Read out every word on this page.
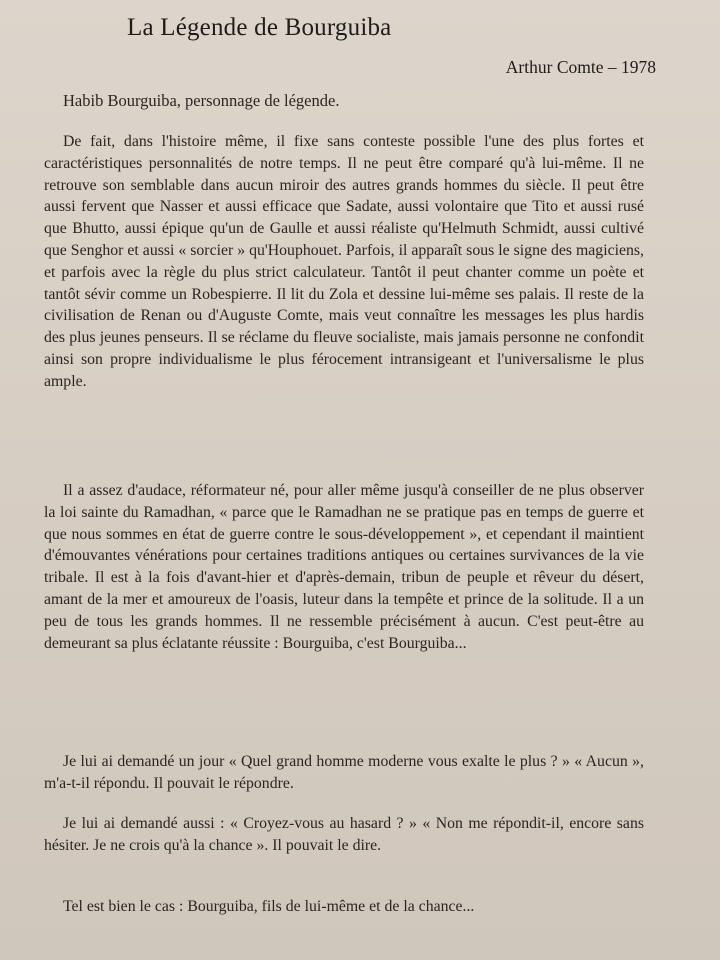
La Légende de Bourguiba
Arthur Comte – 1978
Habib Bourguiba, personnage de légende.

De fait, dans l'histoire même, il fixe sans conteste possible l'une des plus fortes et caractéristiques personnalités de notre temps. Il ne peut être comparé qu'à lui-même. Il ne retrouve son semblable dans aucun miroir des autres grands hommes du siècle. Il peut être aussi fervent que Nasser et aussi efficace que Sadate, aussi volontaire que Tito et aussi rusé que Bhutto, aussi épique qu'un de Gaulle et aussi réaliste qu'Helmuth Schmidt, aussi cultivé que Senghor et aussi « sorcier » qu'Houphouet. Parfois, il apparaît sous le signe des magiciens, et parfois avec la règle du plus strict calculateur. Tantôt il peut chanter comme un poète et tantôt sévir comme un Robespierre. Il lit du Zola et dessine lui-même ses palais. Il reste de la civilisation de Renan ou d'Auguste Comte, mais veut connaître les messages les plus hardis des plus jeunes penseurs. Il se réclame du fleuve socialiste, mais jamais personne ne confondit ainsi son propre individualisme le plus férocement intransigeant et l'universalisme le plus ample.

Il a assez d'audace, réformateur né, pour aller même jusqu'à conseiller de ne plus observer la loi sainte du Ramadhan, « parce que le Ramadhan ne se pratique pas en temps de guerre et que nous sommes en état de guerre contre le sous-développement », et cependant il maintient d'émouvantes vénérations pour certaines traditions antiques ou certaines survivances de la vie tribale. Il est à la fois d'avant-hier et d'après-demain, tribun de peuple et rêveur du désert, amant de la mer et amoureux de l'oasis, luteur dans la tempête et prince de la solitude. Il a un peu de tous les grands hommes. Il ne ressemble précisément à aucun. C'est peut-être au demeurant sa plus éclatante réussite : Bourguiba, c'est Bourguiba...

Je lui ai demandé un jour « Quel grand homme moderne vous exalte le plus ? » « Aucun », m'a-t-il répondu. Il pouvait le répondre.

Je lui ai demandé aussi : « Croyez-vous au hasard ? » « Non me répondit-il, encore sans hésiter. Je ne crois qu'à la chance ». Il pouvait le dire.

Tel est bien le cas : Bourguiba, fils de lui-même et de la chance...
